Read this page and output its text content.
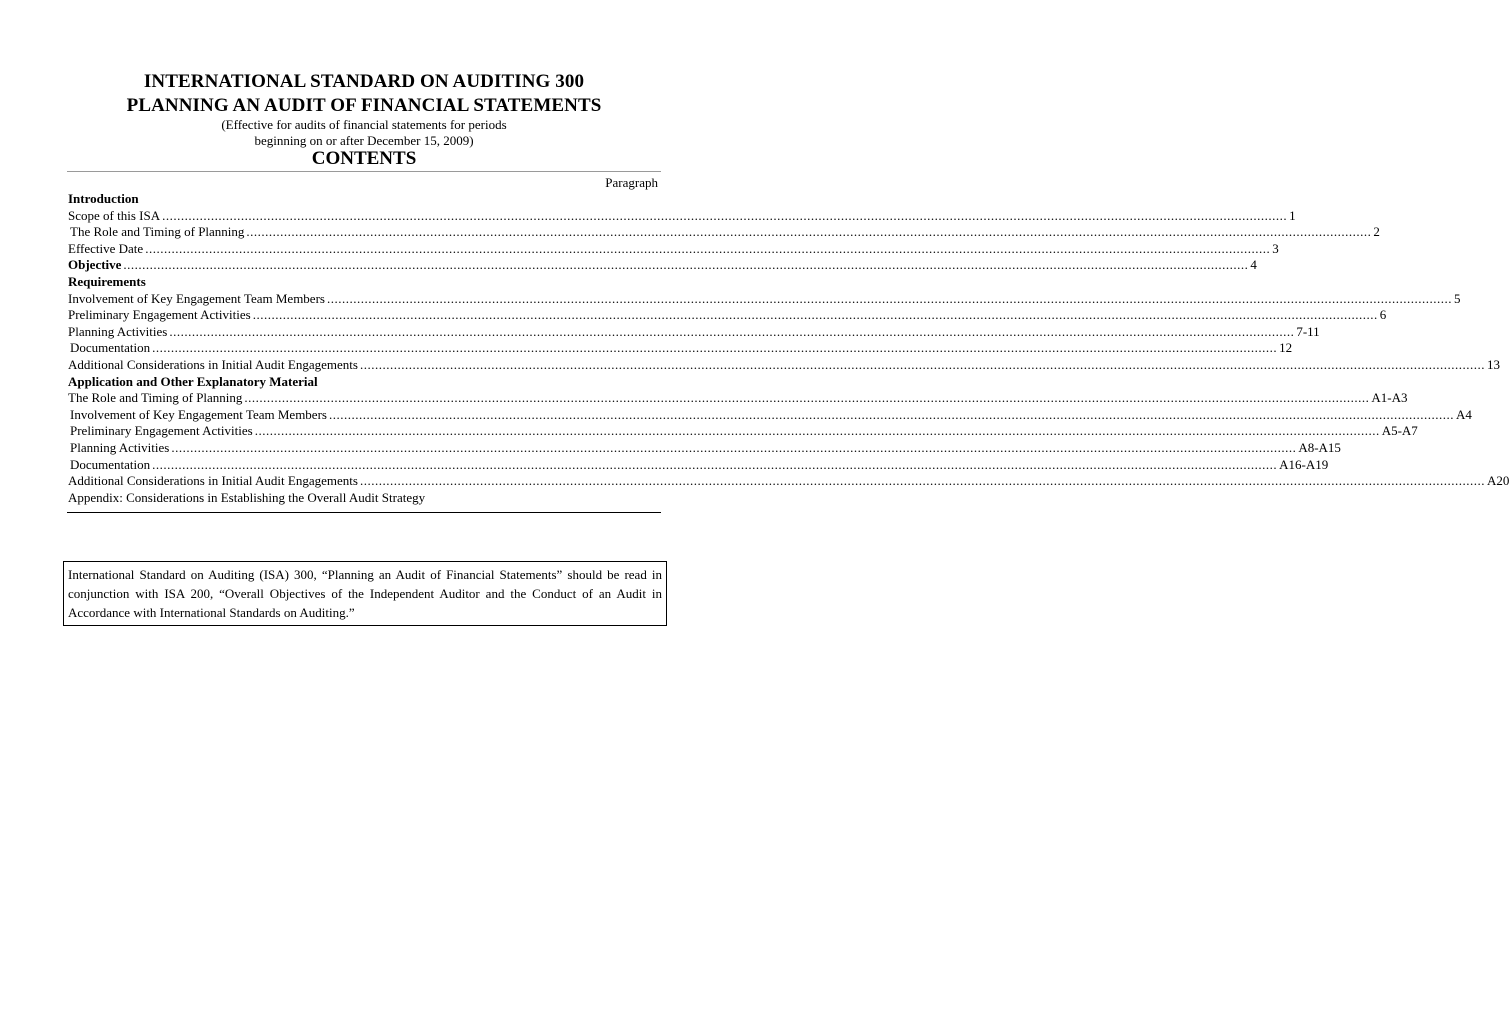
INTERNATIONAL STANDARD ON AUDITING 300
PLANNING AN AUDIT OF FINANCIAL STATEMENTS
(Effective for audits of financial statements for periods
beginning on or after December 15, 2009)
CONTENTS
Paragraph
Introduction
Scope of this ISA ............................................................................................................................................................................................................................................................................................................ 1
The Role and Timing of Planning ............................................................................................................................................................................................................................................................................................................ 2
Effective Date ............................................................................................................................................................................................................................................................................................................ 3
Objective ............................................................................................................................................................................................................................................................................................................ 4
Requirements
Involvement of Key Engagement Team Members ............................................................................................................................................................................................................................................................................................................ 5
Preliminary Engagement Activities ............................................................................................................................................................................................................................................................................................................ 6
Planning Activities ............................................................................................................................................................................................................................................................................................................ 7-11
Documentation ............................................................................................................................................................................................................................................................................................................ 12
Additional Considerations in Initial Audit Engagements ............................................................................................................................................................................................................................................................................................................ 13
Application and Other Explanatory Material
The Role and Timing of Planning ............................................................................................................................................................................................................................................................................................................ A1-A3
Involvement of Key Engagement Team Members ............................................................................................................................................................................................................................................................................................................ A4
Preliminary Engagement Activities ............................................................................................................................................................................................................................................................................................................ A5-A7
Planning Activities ............................................................................................................................................................................................................................................................................................................ A8-A15
Documentation ............................................................................................................................................................................................................................................................................................................ A16-A19
Additional Considerations in Initial Audit Engagements ............................................................................................................................................................................................................................................................................................................ A20
Appendix: Considerations in Establishing the Overall Audit Strategy
International Standard on Auditing (ISA) 300, “Planning an Audit of Financial Statements” should be read in conjunction with ISA 200, “Overall Objectives of the Independent Auditor and the Conduct of an Audit in Accordance with International Standards on Auditing.”
